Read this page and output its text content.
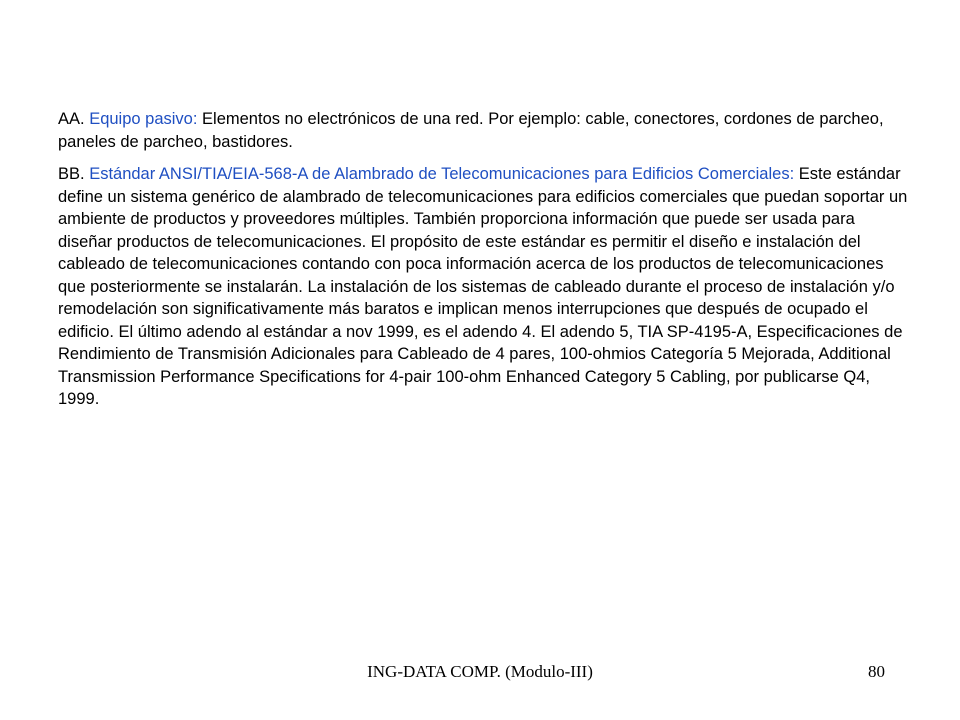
AA. Equipo pasivo: Elementos no electrónicos de una red. Por ejemplo: cable, conectores, cordones de parcheo, paneles de parcheo, bastidores.

BB. Estándar ANSI/TIA/EIA-568-A de Alambrado de Telecomunicaciones para Edificios Comerciales: Este estándar define un sistema genérico de alambrado de telecomunicaciones para edificios comerciales que puedan soportar un ambiente de productos y proveedores múltiples. También proporciona información que puede ser usada para diseñar productos de telecomunicaciones. El propósito de este estándar es permitir el diseño e instalación del cableado de telecomunicaciones contando con poca información acerca de los productos de telecomunicaciones que posteriormente se instalarán. La instalación de los sistemas de cableado durante el proceso de instalación y/o remodelación son significativamente más baratos e implican menos interrupciones que después de ocupado el edificio. El último adendo al estándar a nov 1999, es el adendo 4. El adendo 5, TIA SP-4195-A, Especificaciones de Rendimiento de Transmisión Adicionales para Cableado de 4 pares, 100-ohmios Categoría 5 Mejorada, Additional Transmission Performance Specifications for 4-pair 100-ohm Enhanced Category 5 Cabling, por publicarse Q4, 1999.

ING-DATA COMP. (Modulo-III)	80
